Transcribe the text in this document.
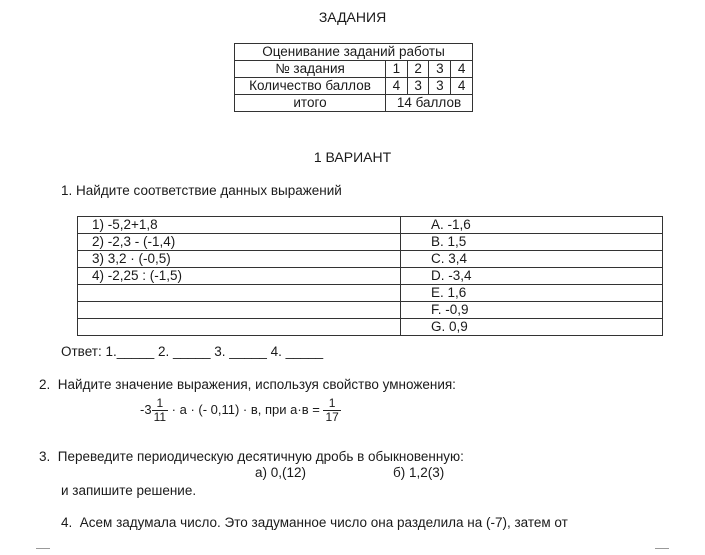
ЗАДАНИЯ
Оценивание заданий работы				
№ задания	1	2	3	4
Количество баллов	4	3	3	4
итого	14 баллов			
1 ВАРИАНТ
1. Найдите соответствие данных выражений
1) -5,2+1,8	A. -1,6
2) -2,3 - (-1,4)	B. 1,5
3) 3,2 · (-0,5)	C. 3,4
4) -2,25 : (-1,5)	D. -3,4
	E. 1,6
	F. -0,9
	G. 0,9
Ответ: 1._____ 2. _____ 3. _____ 4. _____
2. Найдите значение выражения, используя свойство умножения:
$-3 \frac{1}{11} \cdot a$ · (- 0,11) · в, при $a\cdot в = \frac{1}{17}$
3. Переведите периодическую десятичную дробь в обыкновенную:
а) 0,(12)	б) 1,2(3)
и запишите решение.
4. Асем задумала число. Это задуманное число она разделила на (-7), затем от
